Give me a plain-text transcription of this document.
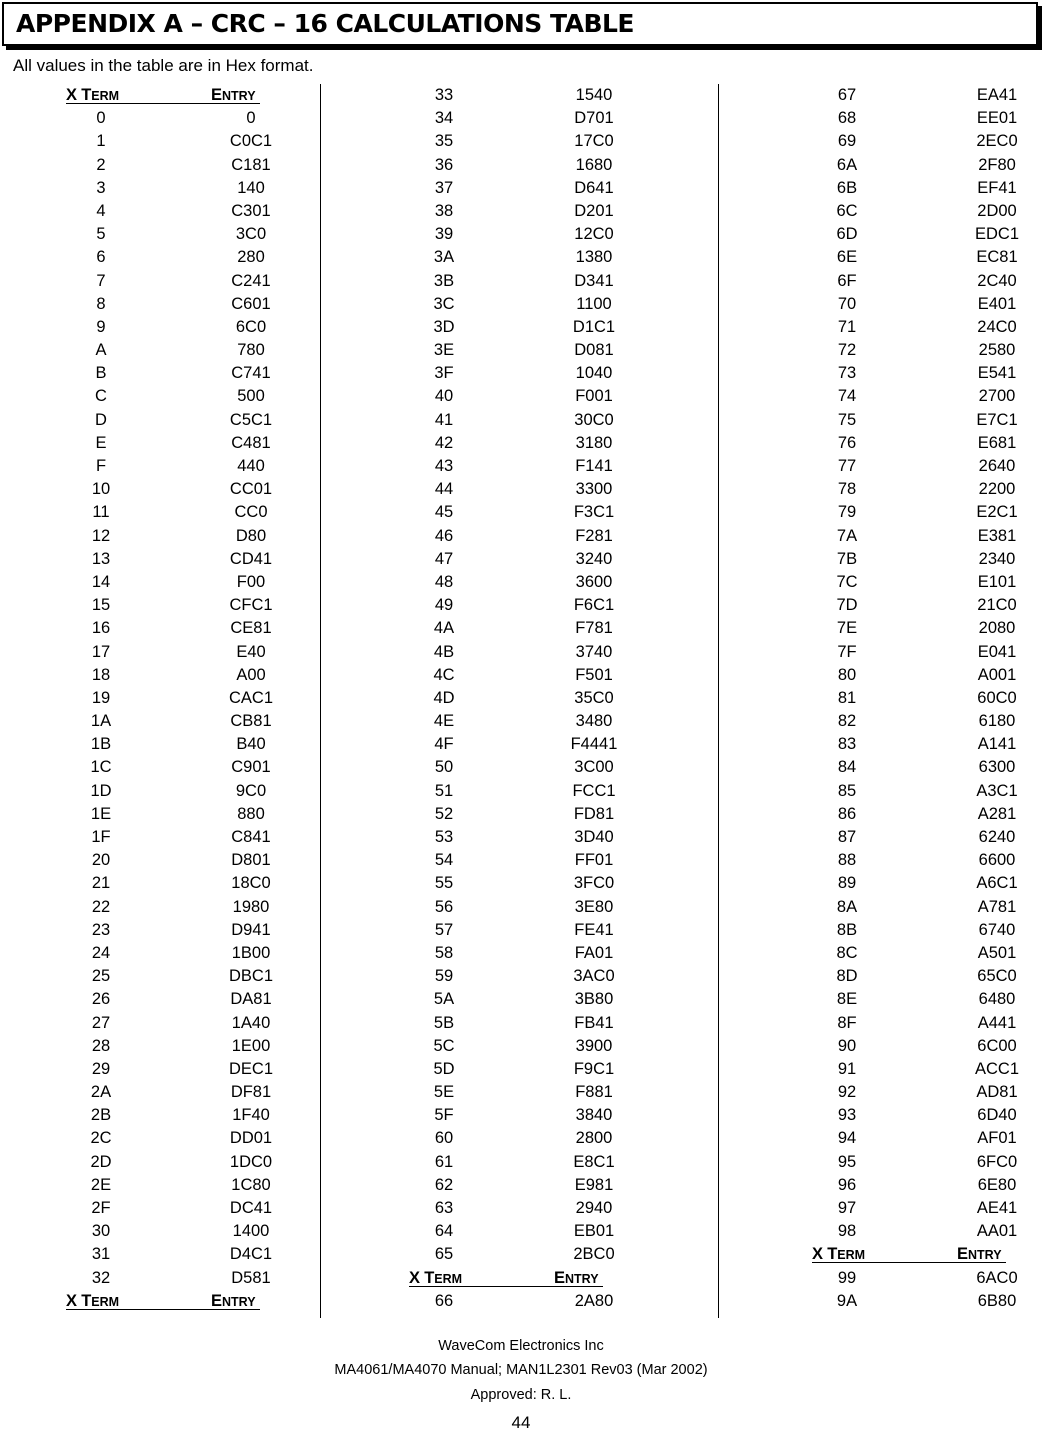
APPENDIX A – CRC – 16 CALCULATIONS TABLE
All values in the table are in Hex format.
X TERM	ENTRY
0	0
1	C0C1
2	C181
3	140
4	C301
5	3C0
6	280
7	C241
8	C601
9	6C0
A	780
B	C741
C	500
D	C5C1
E	C481
F	440
10	CC01
11	CC0
12	D80
13	CD41
14	F00
15	CFC1
16	CE81
17	E40
18	A00
19	CAC1
1A	CB81
1B	B40
1C	C901
1D	9C0
1E	880
1F	C841
20	D801
21	18C0
22	1980
23	D941
24	1B00
25	DBC1
26	DA81
27	1A40
28	1E00
29	DEC1
2A	DF81
2B	1F40
2C	DD01
2D	1DC0
2E	1C80
2F	DC41
30	1400
31	D4C1
32	D581
X TERM	ENTRY
33	1540
34	D701
35	17C0
36	1680
37	D641
38	D201
39	12C0
3A	1380
3B	D341
3C	1100
3D	D1C1
3E	D081
3F	1040
40	F001
41	30C0
42	3180
43	F141
44	3300
45	F3C1
46	F281
47	3240
48	3600
49	F6C1
4A	F781
4B	3740
4C	F501
4D	35C0
4E	3480
4F	F4441
50	3C00
51	FCC1
52	FD81
53	3D40
54	FF01
55	3FC0
56	3E80
57	FE41
58	FA01
59	3AC0
5A	3B80
5B	FB41
5C	3900
5D	F9C1
5E	F881
5F	3840
60	2800
61	E8C1
62	E981
63	2940
64	EB01
65	2BC0
X TERM	ENTRY
66	2A80
67	EA41
68	EE01
69	2EC0
6A	2F80
6B	EF41
6C	2D00
6D	EDC1
6E	EC81
6F	2C40
70	E401
71	24C0
72	2580
73	E541
74	2700
75	E7C1
76	E681
77	2640
78	2200
79	E2C1
7A	E381
7B	2340
7C	E101
7D	21C0
7E	2080
7F	E041
80	A001
81	60C0
82	6180
83	A141
84	6300
85	A3C1
86	A281
87	6240
88	6600
89	A6C1
8A	A781
8B	6740
8C	A501
8D	65C0
8E	6480
8F	A441
90	6C00
91	ACC1
92	AD81
93	6D40
94	AF01
95	6FC0
96	6E80
97	AE41
98	AA01
X TERM	ENTRY
99	6AC0
9A	6B80
WaveCom Electronics Inc
MA4061/MA4070 Manual; MAN1L2301 Rev03 (Mar 2002)
Approved: R. L.
44
